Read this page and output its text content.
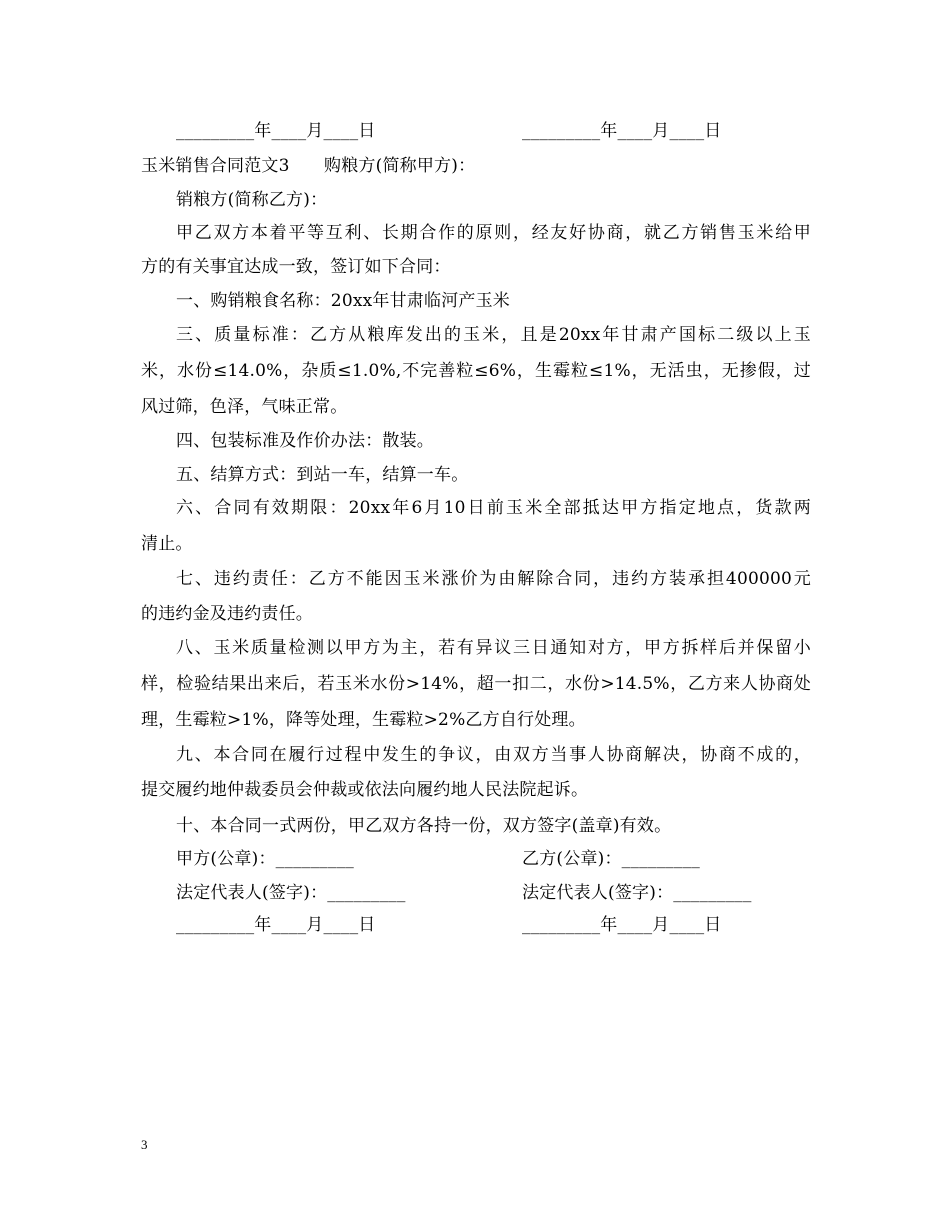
_________年____月____日	_________年____月____日
玉米销售合同范文3　　购粮方(简称甲方)：
销粮方(简称乙方)：
甲乙双方本着平等互利、长期合作的原则，经友好协商，就乙方销售玉米给甲
方的有关事宜达成一致，签订如下合同：
一、购销粮食名称：20xx年甘肃临河产玉米
三、质量标准：乙方从粮库发出的玉米，且是20xx年甘肃产国标二级以上玉
米，水份≤14.0%，杂质≤1.0%,不完善粒≤6%，生霉粒≤1%，无活虫，无掺假，过
风过筛，色泽，气味正常。
四、包装标准及作价办法：散装。
五、结算方式：到站一车，结算一车。
六、合同有效期限：20xx年6月10日前玉米全部抵达甲方指定地点，货款两
清止。
七、违约责任：乙方不能因玉米涨价为由解除合同，违约方装承担400000元
的违约金及违约责任。
八、玉米质量检测以甲方为主，若有异议三日通知对方，甲方拆样后并保留小
样，检验结果出来后，若玉米水份>14%，超一扣二，水份>14.5%，乙方来人协商处
理，生霉粒>1%，降等处理，生霉粒>2%乙方自行处理。
九、本合同在履行过程中发生的争议，由双方当事人协商解决，协商不成的，
提交履约地仲裁委员会仲裁或依法向履约地人民法院起诉。
十、本合同一式两份，甲乙双方各持一份，双方签字(盖章)有效。
甲方(公章)：_________	乙方(公章)：_________
法定代表人(签字)：_________	法定代表人(签字)：_________
_________年____月____日	_________年____月____日
3
